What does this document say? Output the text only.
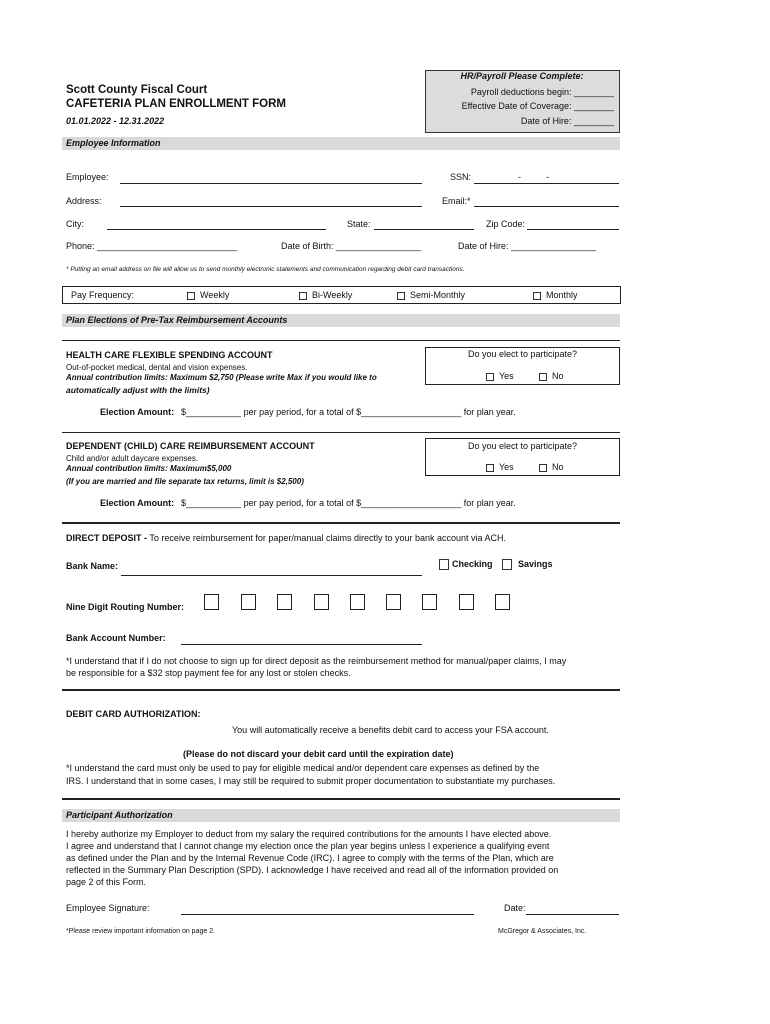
Scott County Fiscal Court
CAFETERIA PLAN ENROLLMENT FORM
01.01.2022 - 12.31.2022
HR/Payroll Please Complete:
Payroll deductions begin: ________
Effective Date of Coverage: ________
Date of Hire: ________
Employee Information
Employee:	SSN:	-	-
Address:	Email:*
City:	State:	Zip Code:
Phone: ____________________________	Date of Birth: _________________	Date of Hire: _________________
* Putting an email address on file will allow us to send monthly electronic statements and communication regarding debit card transactions.
Pay Frequency:	Weekly	Bi-Weekly	Semi-Monthly	Monthly
Plan Elections of Pre-Tax Reimbursement Accounts
HEALTH CARE FLEXIBLE SPENDING ACCOUNT
Out-of-pocket medical, dental and vision expenses.
Annual contribution limits: Maximum $2,750 (Please write Max if you would like to
automatically adjust with the limits)
Do you elect to participate?
Yes	No
Election Amount: $___________ per pay period, for a total of $____________________ for plan year.
DEPENDENT (CHILD) CARE REIMBURSEMENT ACCOUNT
Child and/or adult daycare expenses.
Annual contribution limits: Maximum$5,000
(If you are married and file separate tax returns, limit is $2,500)
Do you elect to participate?
Yes	No
Election Amount: $___________ per pay period, for a total of $____________________ for plan year.
DIRECT DEPOSIT - To receive reimbursement for paper/manual claims directly to your bank account via ACH.
Bank Name:	Checking	Savings
Nine Digit Routing Number:
Bank Account Number:
*I understand that if I do not choose to sign up for direct deposit as the reimbursement method for manual/paper claims, I may
be responsible for a $32 stop payment fee for any lost or stolen checks.
DEBIT CARD AUTHORIZATION:
You will automatically receive a benefits debit card to access your FSA account.
(Please do not discard your debit card until the expiration date)
*I understand the card must only be used to pay for eligible medical and/or dependent care expenses as defined by the
IRS. I understand that in some cases, I may still be required to submit proper documentation to substantiate my purchases.
Participant Authorization
I hereby authorize my Employer to deduct from my salary the required contributions for the amounts I have elected above.
I agree and understand that I cannot change my election once the plan year begins unless I experience a qualifying event
as defined under the Plan and by the Internal Revenue Code (IRC). I agree to comply with the terms of the Plan, which are
reflected in the Summary Plan Description (SPD). I acknowledge I have received and read all of the information provided on
page 2 of this Form.
Employee Signature:	Date:
*Please review important information on page 2.	McGregor & Associates, Inc.
